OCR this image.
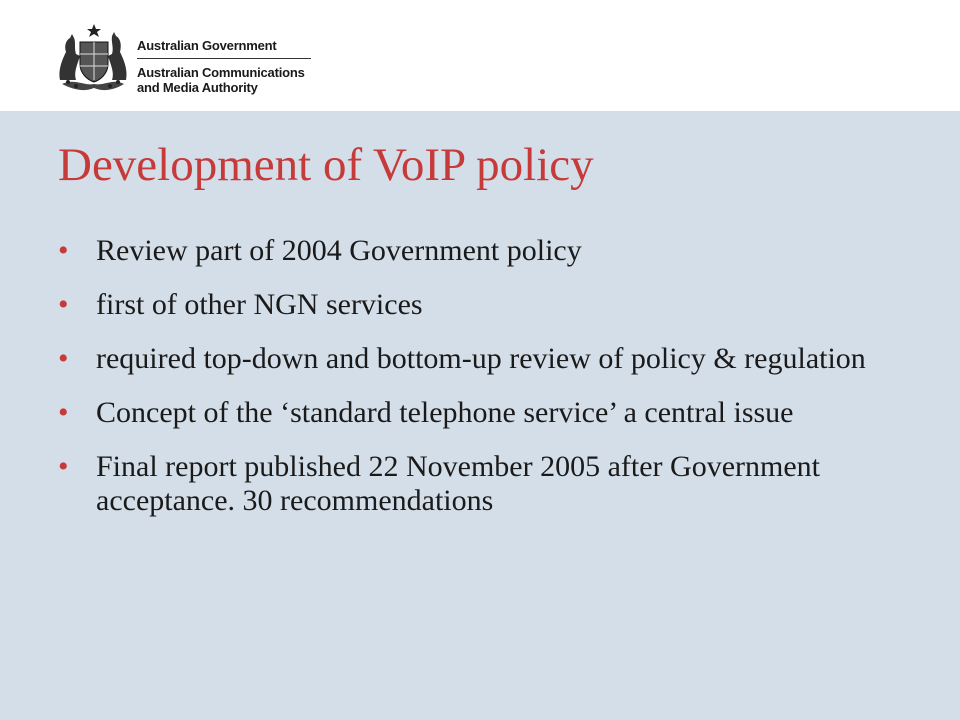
Australian Government
Australian Communications
and Media Authority
Development of VoIP policy
• Review part of 2004 Government policy
• first of other NGN services
• required top-down and bottom-up review of policy & regulation
• Concept of the ‘standard telephone service’ a central issue
• Final report published 22 November 2005 after Government acceptance. 30 recommendations
